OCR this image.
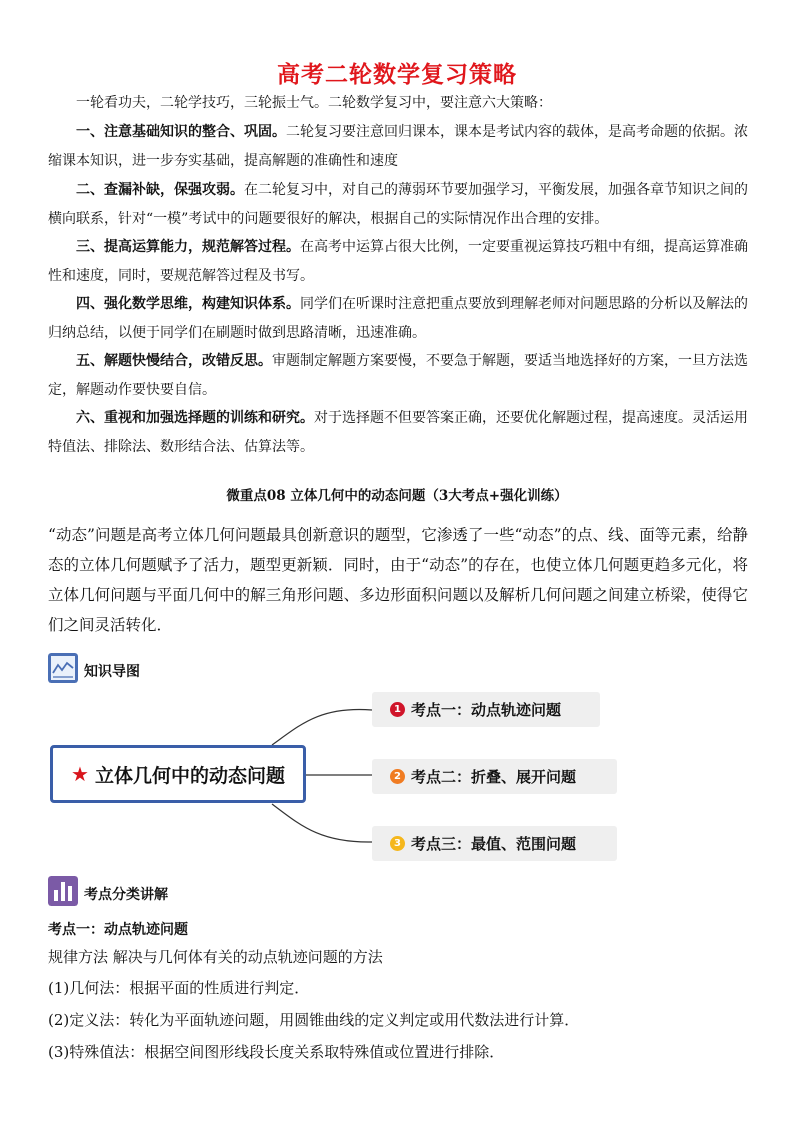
高考二轮数学复习策略

一轮看功夫，二轮学技巧，三轮振士气。二轮数学复习中，要注意六大策略：

一、注意基础知识的整合、巩固。二轮复习要注意回归课本，课本是考试内容的载体，是高考命题的依据。浓缩课本知识，进一步夯实基础，提高解题的准确性和速度

二、查漏补缺，保强攻弱。在二轮复习中，对自己的薄弱环节要加强学习，平衡发展，加强各章节知识之间的横向联系，针对“一模”考试中的问题要很好的解决，根据自己的实际情况作出合理的安排。

三、提高运算能力，规范解答过程。在高考中运算占很大比例，一定要重视运算技巧粗中有细，提高运算准确性和速度，同时，要规范解答过程及书写。

四、强化数学思维，构建知识体系。同学们在听课时注意把重点要放到理解老师对问题思路的分析以及解法的归纳总结，以便于同学们在刷题时做到思路清晰，迅速准确。

五、解题快慢结合，改错反思。审题制定解题方案要慢，不要急于解题，要适当地选择好的方案，一旦方法选定，解题动作要快要自信。

六、重视和加强选择题的训练和研究。对于选择题不但要答案正确，还要优化解题过程，提高速度。灵活运用特值法、排除法、数形结合法、估算法等。

微重点08 立体几何中的动态问题（3大考点+强化训练）

“动态”问题是高考立体几何问题最具创新意识的题型，它渗透了一些“动态”的点、线、面等元素，给静态的立体几何题赋予了活力，题型更新颖．同时，由于“动态”的存在，也使立体几何题更趋多元化，将立体几何问题与平面几何中的解三角形问题、多边形面积问题以及解析几何问题之间建立桥梁，使得它们之间灵活转化．

知识导图
★ 立体几何中的动态问题
1 考点一：动点轨迹问题
2 考点二：折叠、展开问题
3 考点三：最值、范围问题
考点分类讲解
考点一：动点轨迹问题

规律方法 解决与几何体有关的动点轨迹问题的方法

(1)几何法：根据平面的性质进行判定．

(2)定义法：转化为平面轨迹问题，用圆锥曲线的定义判定或用代数法进行计算．

(3)特殊值法：根据空间图形线段长度关系取特殊值或位置进行排除．
